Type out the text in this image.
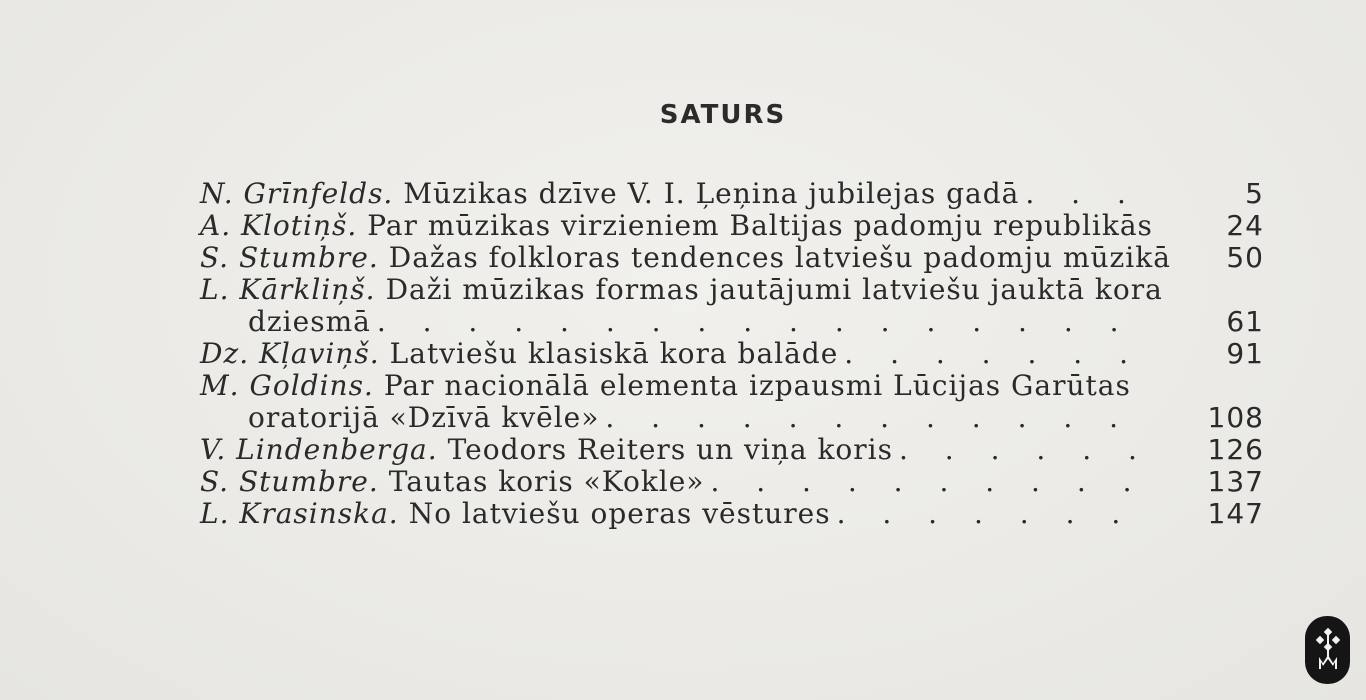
SATURS
N. Grīnfelds. Mūzikas dzīve V. I. Ļeņina jubilejas gadā . . .	5
A. Klotiņš. Par mūzikas virzieniem Baltijas padomju republikās	24
S. Stumbre. Dažas folkloras tendences latviešu padomju mūzikā	50
L. Kārkliņš. Daži mūzikas formas jautājumi latviešu jauktā kora
dziesmā . . .	61
Dz. Kļaviņš. Latviešu klasiskā kora balāde . . .	91
M. Goldins. Par nacionālā elementa izpausmi Lūcijas Garūtas
oratorijā «Dzīvā kvēle» . . .	108
V. Lindenberga. Teodors Reiters un viņa koris . . .	126
S. Stumbre. Tautas koris «Kokle» . . .	137
L. Krasinska. No latviešu operas vēstures . . .	147
